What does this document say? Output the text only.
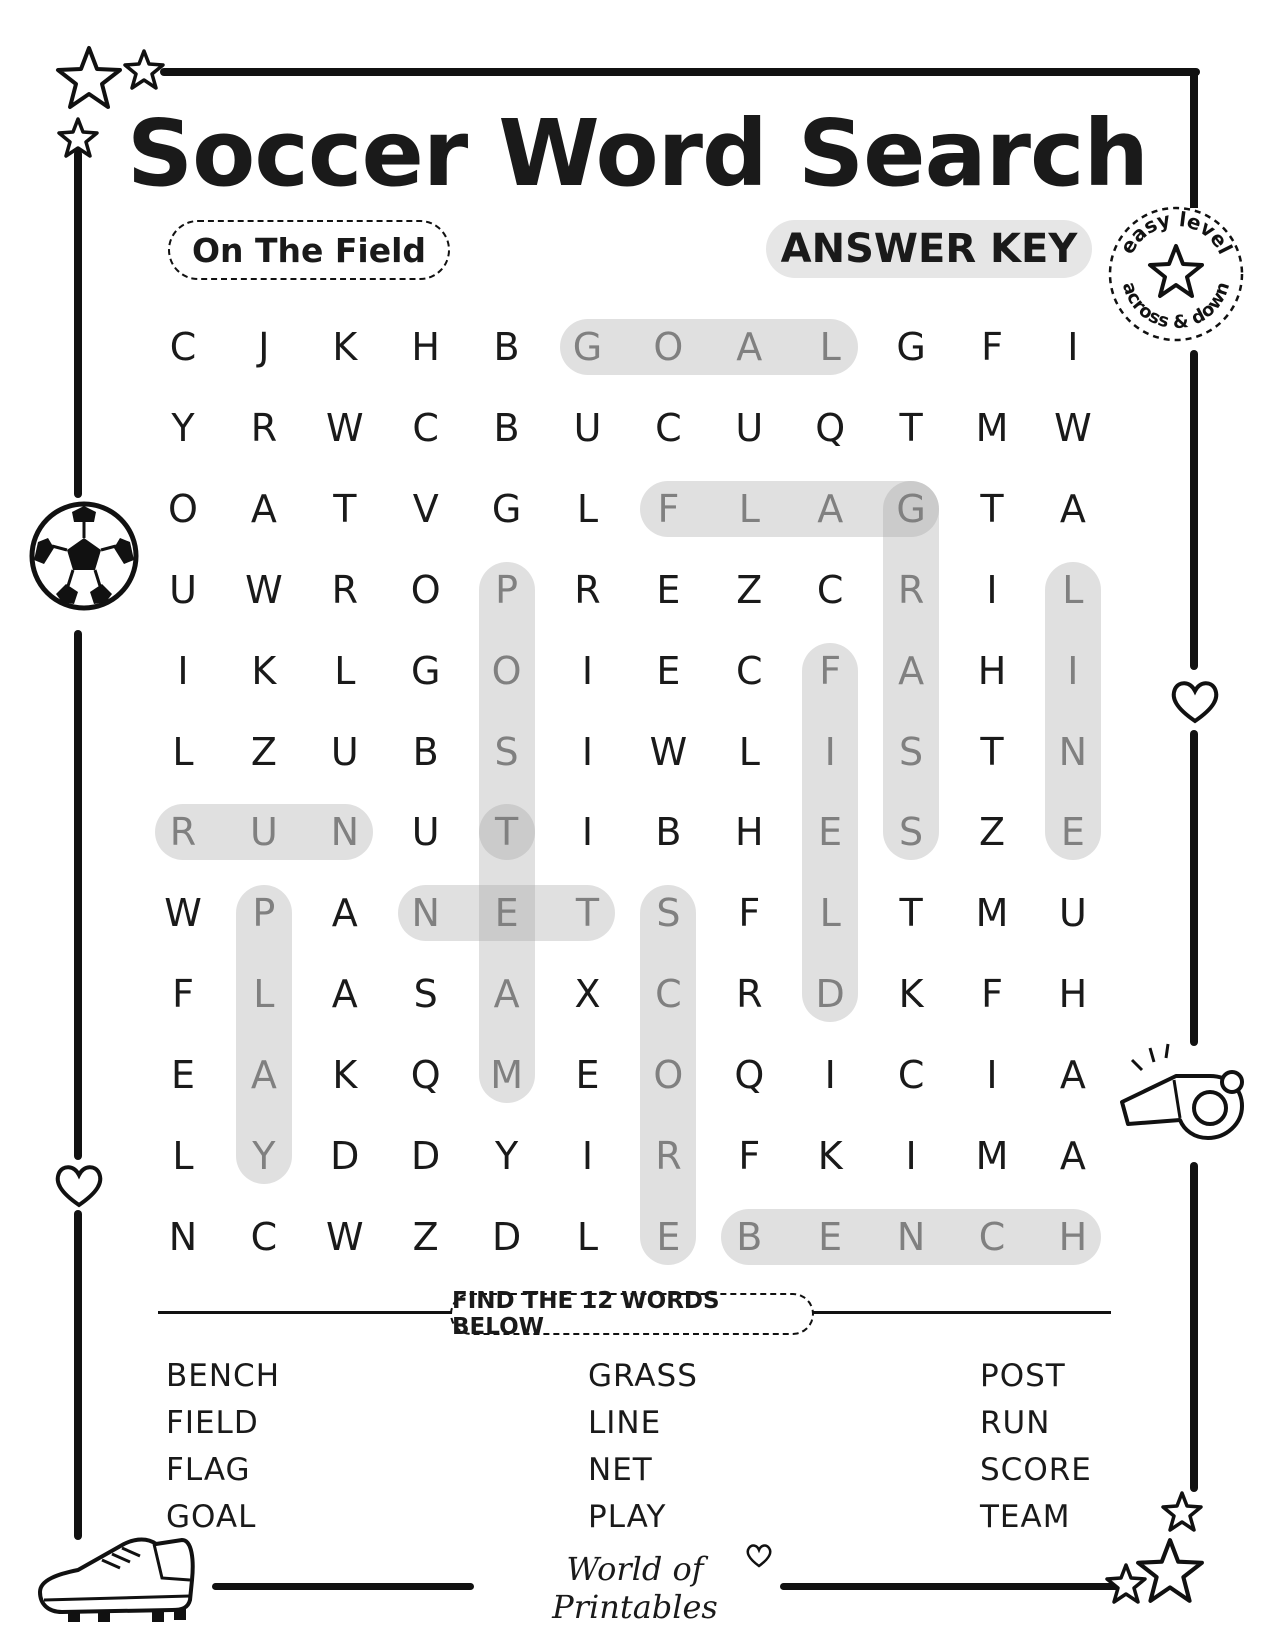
Soccer Word Search
On The Field	ANSWER KEY	easy level
across & down
C	J	K	H	B	G	O	A	L	G	F	I
Y	R	W	C	B	U	C	U	Q	T	M	W
O	A	T	V	G	L	F	L	A	G	T	A
U	W	R	O	P	R	E	Z	C	R	I	L
I	K	L	G	O	I	E	C	F	A	H	I
L	Z	U	B	S	I	W	L	I	S	T	N
R	U	N	U	T	I	B	H	E	S	Z	E
W	P	A	N	E	T	S	F	L	T	M	U
F	L	A	S	A	X	C	R	D	K	F	H
E	A	K	Q	M	E	O	Q	I	C	I	A
L	Y	D	D	Y	I	R	F	K	I	M	A
N	C	W	Z	D	L	E	B	E	N	C	H
FIND THE 12 WORDS BELOW
BENCH
FIELD
FLAG
GOAL
GRASS
LINE
NET
PLAY
POST
RUN
SCORE
TEAM
World of Printables
